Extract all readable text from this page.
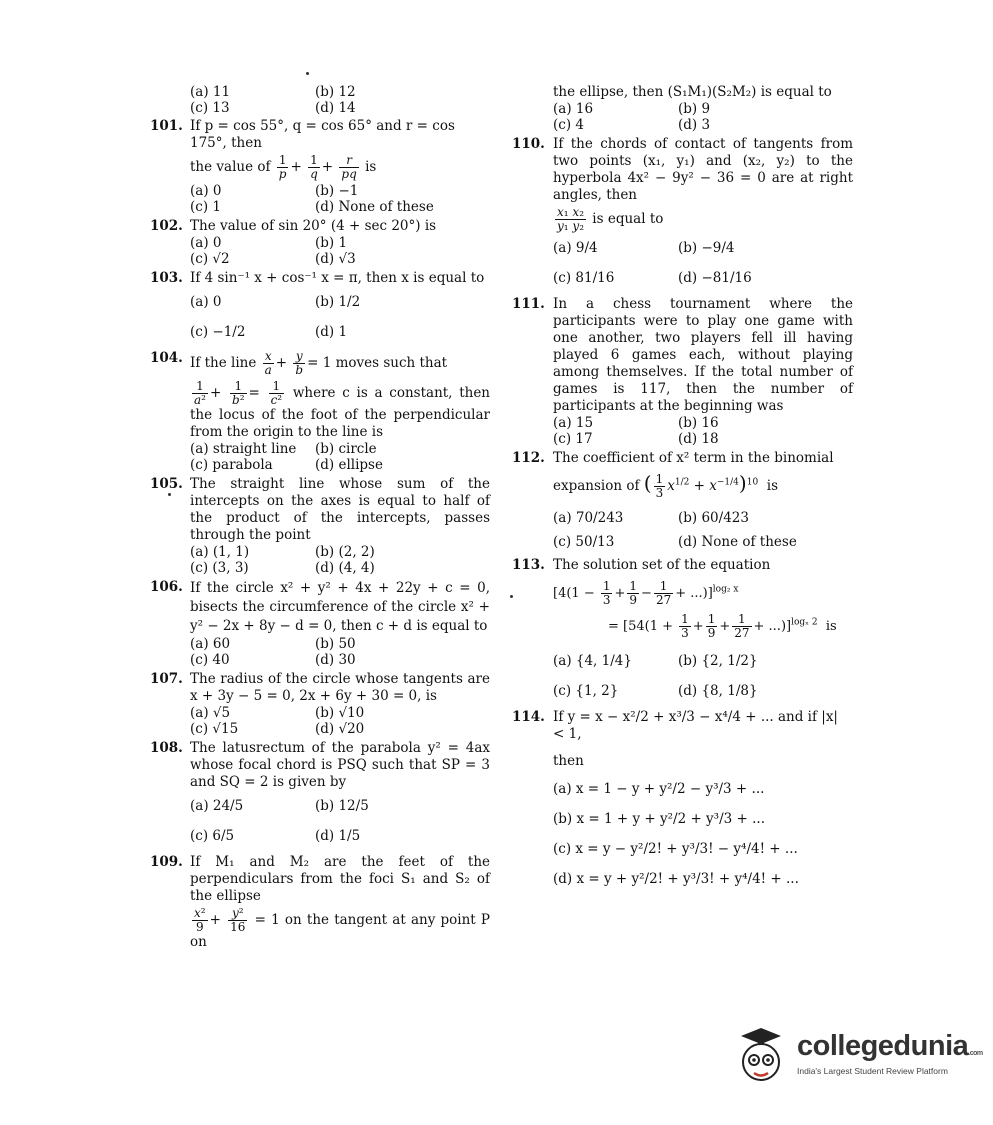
(a) 11	(b) 12
(c) 13	(d) 14
101. If p = cos 55°, q = cos 65° and r = cos 175°, then
the value of $\frac{1}{p} + \frac{1}{q} + \frac{r}{pq}$ is
(a) 0	(b) −1
(c) 1	(d) None of these
102. The value of sin 20° (4 + sec 20°) is
(a) 0	(b) 1
(c) √2	(d) √3
103. If 4 sin⁻¹ x + cos⁻¹ x = π, then x is equal to
(a) 0	(b) 1/2
(c) −1/2	(d) 1
104. If the line $\frac{x}{a} + \frac{y}{b} = 1$ moves such that
$\frac{1}{\text{a²}} + \frac{1}{\text{b²}} = \frac{1}{\text{c²}}$ where c is a constant, then the locus of the foot of the perpendicular from the origin to the line is
(a) straight line	(b) circle
(c) parabola	(d) ellipse
105. The straight line whose sum of the intercepts on the axes is equal to half of the product of the intercepts, passes through the point
(a) (1, 1)	(b) (2, 2)
(c) (3, 3)	(d) (4, 4)
106. If the circle x² + y² + 4x + 22y + c = 0, bisects the circumference of the circle x² + y² − 2x + 8y − d = 0, then c + d is equal to
(a) 60	(b) 50
(c) 40	(d) 30
107. The radius of the circle whose tangents are x + 3y − 5 = 0, 2x + 6y + 30 = 0, is
(a) √5	(b) √10
(c) √15	(d) √20
108. The latusrectum of the parabola y² = 4ax whose focal chord is PSQ such that SP = 3 and SQ = 2 is given by
(a) 24/5	(b) 12/5
(c) 6/5	(d) 1/5
109. If M₁ and M₂ are the feet of the perpendiculars from the foci S₁ and S₂ of the ellipse
$\frac{\text{x²}}{9} + \frac{\text{y²}}{16} = 1$ on the tangent at any point P on
the ellipse, then (S₁M₁)(S₂M₂) is equal to
(a) 16	(b) 9
(c) 4	(d) 3
110. If the chords of contact of tangents from two points (x₁, y₁) and (x₂, y₂) to the hyperbola 4x² − 9y² − 36 = 0 are at right angles, then
$\frac{\text{x₁ x₂}}{\text{y₁ y₂}}$ is equal to
(a) 9/4	(b) −9/4
(c) 81/16	(d) −81/16
111. In a chess tournament where the participants were to play one game with one another, two players fell ill having played 6 games each, without playing among themselves. If the total number of games is 117, then the number of participants at the beginning was
(a) 15	(b) 16
(c) 17	(d) 18
112. The coefficient of x² term in the binomial
expansion of ( $\frac{1}{3} x^{1/2} + x^{-1/4})^{10}$ is
(a) 70/243	(b) 60/423
(c) 50/13	(d) None of these
113. The solution set of the equation
$[4(1 - \frac{1}{3} + \frac{1}{9} - \frac{1}{27} + ...)]^{log_2 x}$
= $[54(1 + \frac{1}{3} + \frac{1}{9} + \frac{1}{27} + ...)]^{log_x 2}$ is
(a) {4, 1/4}	(b) {2, 1/2}
(c) {1, 2}	(d) {8, 1/8}
114. If y = x − x²/2 + x³/3 − x⁴/4 + ... and if |x| < 1,
then
(a) x = 1 − y + y²/2 − y³/3 + ...
(b) x = 1 + y + y²/2 + y³/3 + ...
(c) x = y − y²/2! + y³/3! − y⁴/4! + ...
(d) x = y + y²/2! + y³/3! + y⁴/4! + ...
collegedunia.com
India's Largest Student Review Platform
